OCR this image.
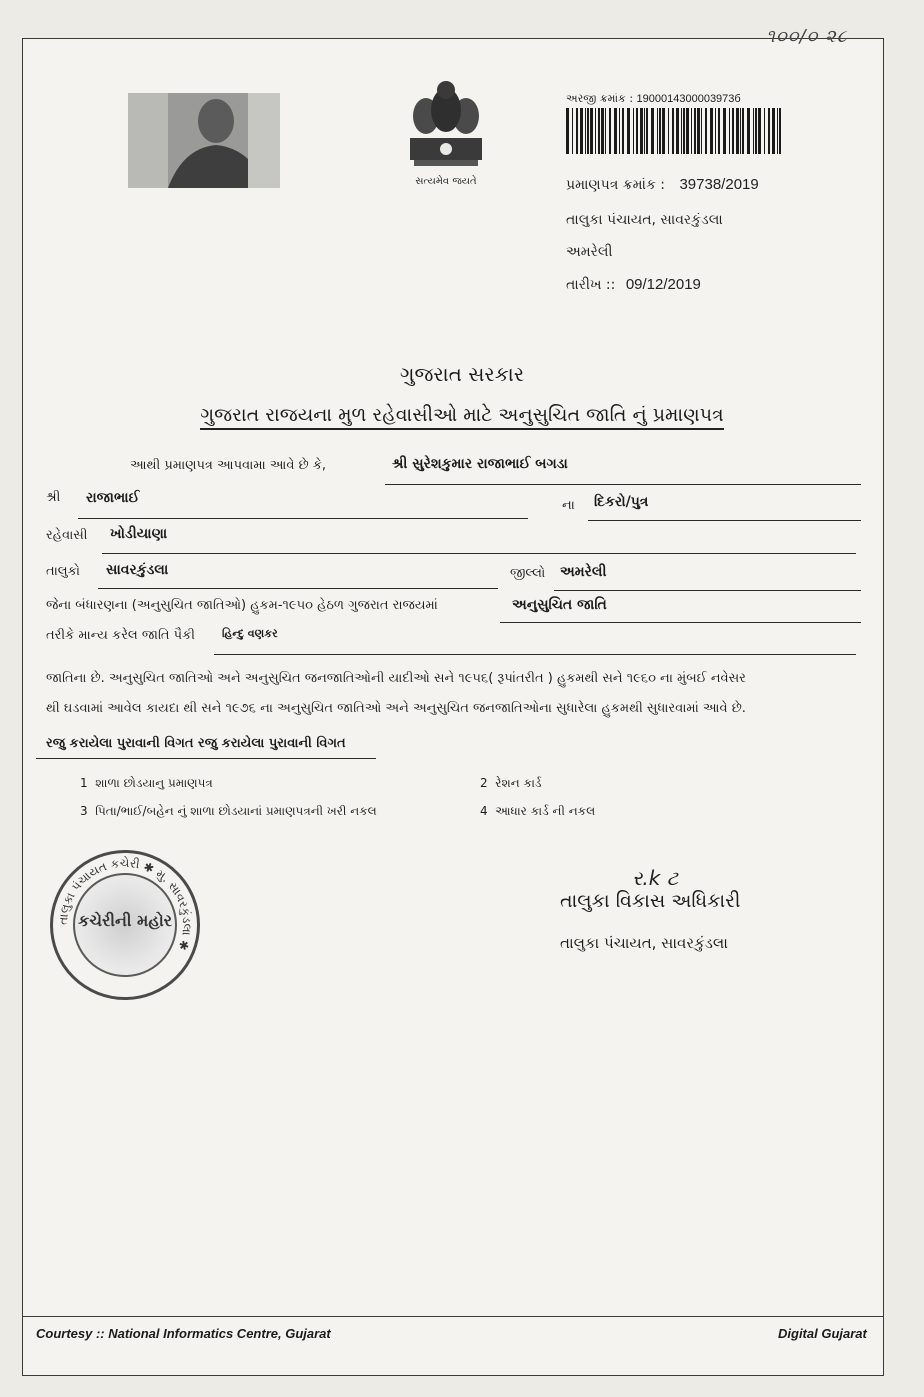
૧૦૦/૦ ૨૮
સત્યમેવ જયતે
અરજી ક્રમાંક : 1900014300003973б
પ્રમાણપત્ર ક્રમાંક : 39738/2019
તાલુકા પંચાયત, સાવરકુંડલા
અમરેલી
તારીખ :: 09/12/2019
ગુજરાત સરકાર
ગુજરાત રાજયના મુળ રહેવાસીઓ માટે અનુસુચિત જાતિ નું પ્રમાણપત્ર
આથી પ્રમાણપત્ર આપવામા આવે છે કે,	શ્રી સુરેશકુમાર રાજાભાઈ બગડા
શ્રી રાજાભાઈ	ના દિકરો/પુત્ર
રહેવાસી ખોડીયાણા
તાલુકો સાવરકુંડલા	જીલ્લો અમરેલી
જેના બંધારણના (અનુસુચિત જાતિઓ) હુકમ-૧૯૫૦ હેઠળ ગુજરાત રાજયમાં	અનુસુચિત જાતિ
તરીકે માન્ય કરેલ જાતિ પૈકી હિન્દુ વણકર
જાતિના છે. અનુસુચિત જાતિઓ અને અનુસુચિત જનજાતિઓની યાદીઓ સને ૧૯૫૬( રૂપાંતરીત ) હુકમથી સને ૧૯૬૦ ના મુંબઈ નવેસર
થી ઘડવામાં આવેલ કાયદા થી સને ૧૯૭૬ ના અનુસુચિત જાતિઓ અને અનુસુચિત જનજાતિઓના સુધારેલા હુકમથી સુધારવામાં આવે છે.
રજુ કરાયેલા પુરાવાની વિગત રજુ કરાયેલા પુરાવાની વિગત
1 શાળા છોડયાનુ પ્રમાણપત્ર	2 રેશન કાર્ડ
3 પિતા/ભાઈ/બહેન નું શાળા છોડયાનાં પ્રમાણપત્રની ખરી નકલ	4 આધાર કાર્ડ ની નકલ
તાલુકા પંચાયત કચેરી ✱ મુ. સાવરકુંડલા ✱
કચેરીની મહોર
ર.k ટ
તાલુકા વિકાસ અધિકારી
તાલુકા પંચાયત, સાવરકુંડલા
Courtesy :: National Informatics Centre, Gujarat	Digital Gujarat
